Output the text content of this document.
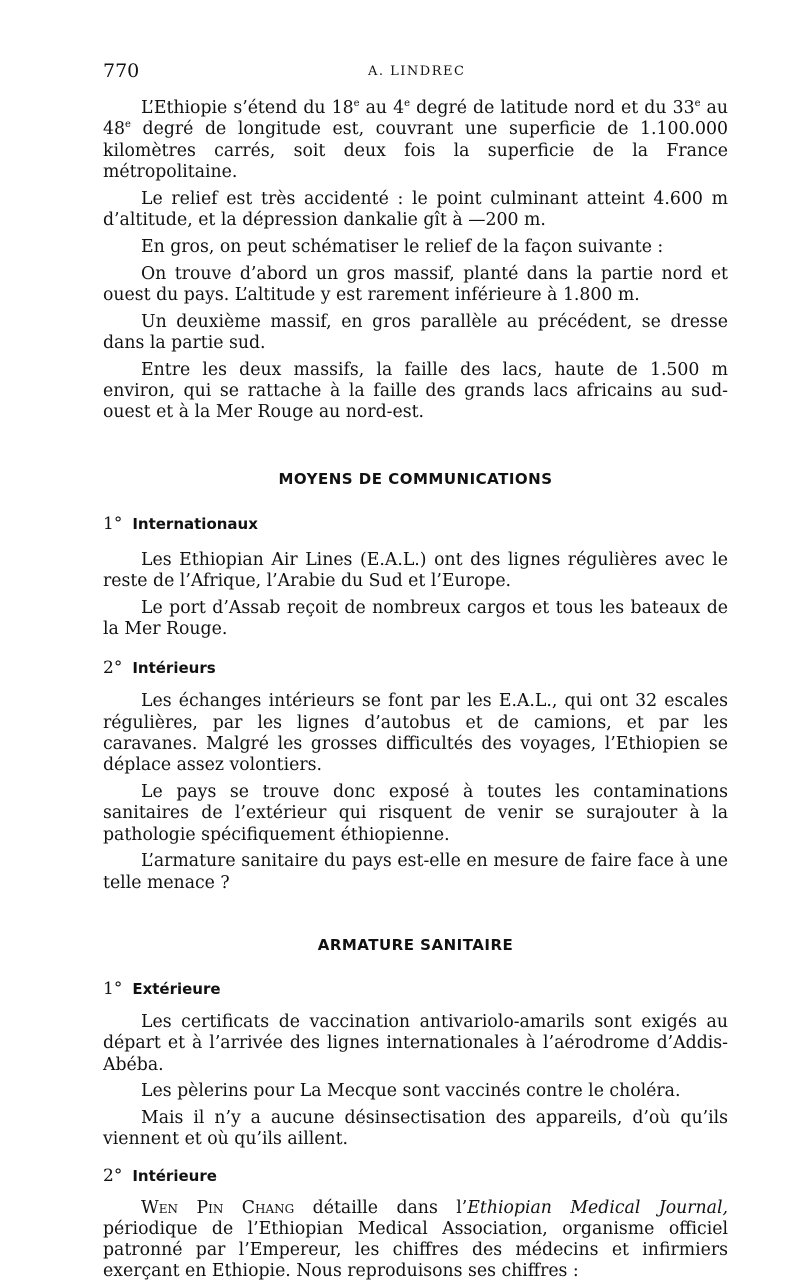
770	A. LINDREC

L’Ethiopie s’étend du 18e au 4e degré de latitude nord et du 33e au 48e degré de longitude est, couvrant une superficie de 1.100.000 kilomètres carrés, soit deux fois la superficie de la France métropolitaine.

Le relief est très accidenté : le point culminant atteint 4.600 m d’altitude, et la dépression dankalie gît à —200 m.

En gros, on peut schématiser le relief de la façon suivante :

On trouve d’abord un gros massif, planté dans la partie nord et ouest du pays. L’altitude y est rarement inférieure à 1.800 m.

Un deuxième massif, en gros parallèle au précédent, se dresse dans la partie sud.

Entre les deux massifs, la faille des lacs, haute de 1.500 m environ, qui se rattache à la faille des grands lacs africains au sud-ouest et à la Mer Rouge au nord-est.

MOYENS DE COMMUNICATIONS
1° Internationaux

Les Ethiopian Air Lines (E.A.L.) ont des lignes régulières avec le reste de l’Afrique, l’Arabie du Sud et l’Europe.

Le port d’Assab reçoit de nombreux cargos et tous les bateaux de la Mer Rouge.

2° Intérieurs

Les échanges intérieurs se font par les E.A.L., qui ont 32 escales régulières, par les lignes d’autobus et de camions, et par les caravanes. Malgré les grosses difficultés des voyages, l’Ethiopien se déplace assez volontiers.

Le pays se trouve donc exposé à toutes les contaminations sanitaires de l’extérieur qui risquent de venir se surajouter à la pathologie spécifiquement éthiopienne.

L’armature sanitaire du pays est-elle en mesure de faire face à une telle menace ?

ARMATURE SANITAIRE
1° Extérieure

Les certificats de vaccination antivariolo-amarils sont exigés au départ et à l’arrivée des lignes internationales à l’aérodrome d’Addis-Abéba.

Les pèlerins pour La Mecque sont vaccinés contre le choléra.

Mais il n’y a aucune désinsectisation des appareils, d’où qu’ils viennent et où qu’ils aillent.

2° Intérieure

Wen Pin Chang détaille dans l’Ethiopian Medical Journal, périodique de l’Ethiopian Medical Association, organisme officiel patronné par l’Empereur, les chiffres des médecins et infirmiers exerçant en Ethiopie. Nous reproduisons ses chiffres :
